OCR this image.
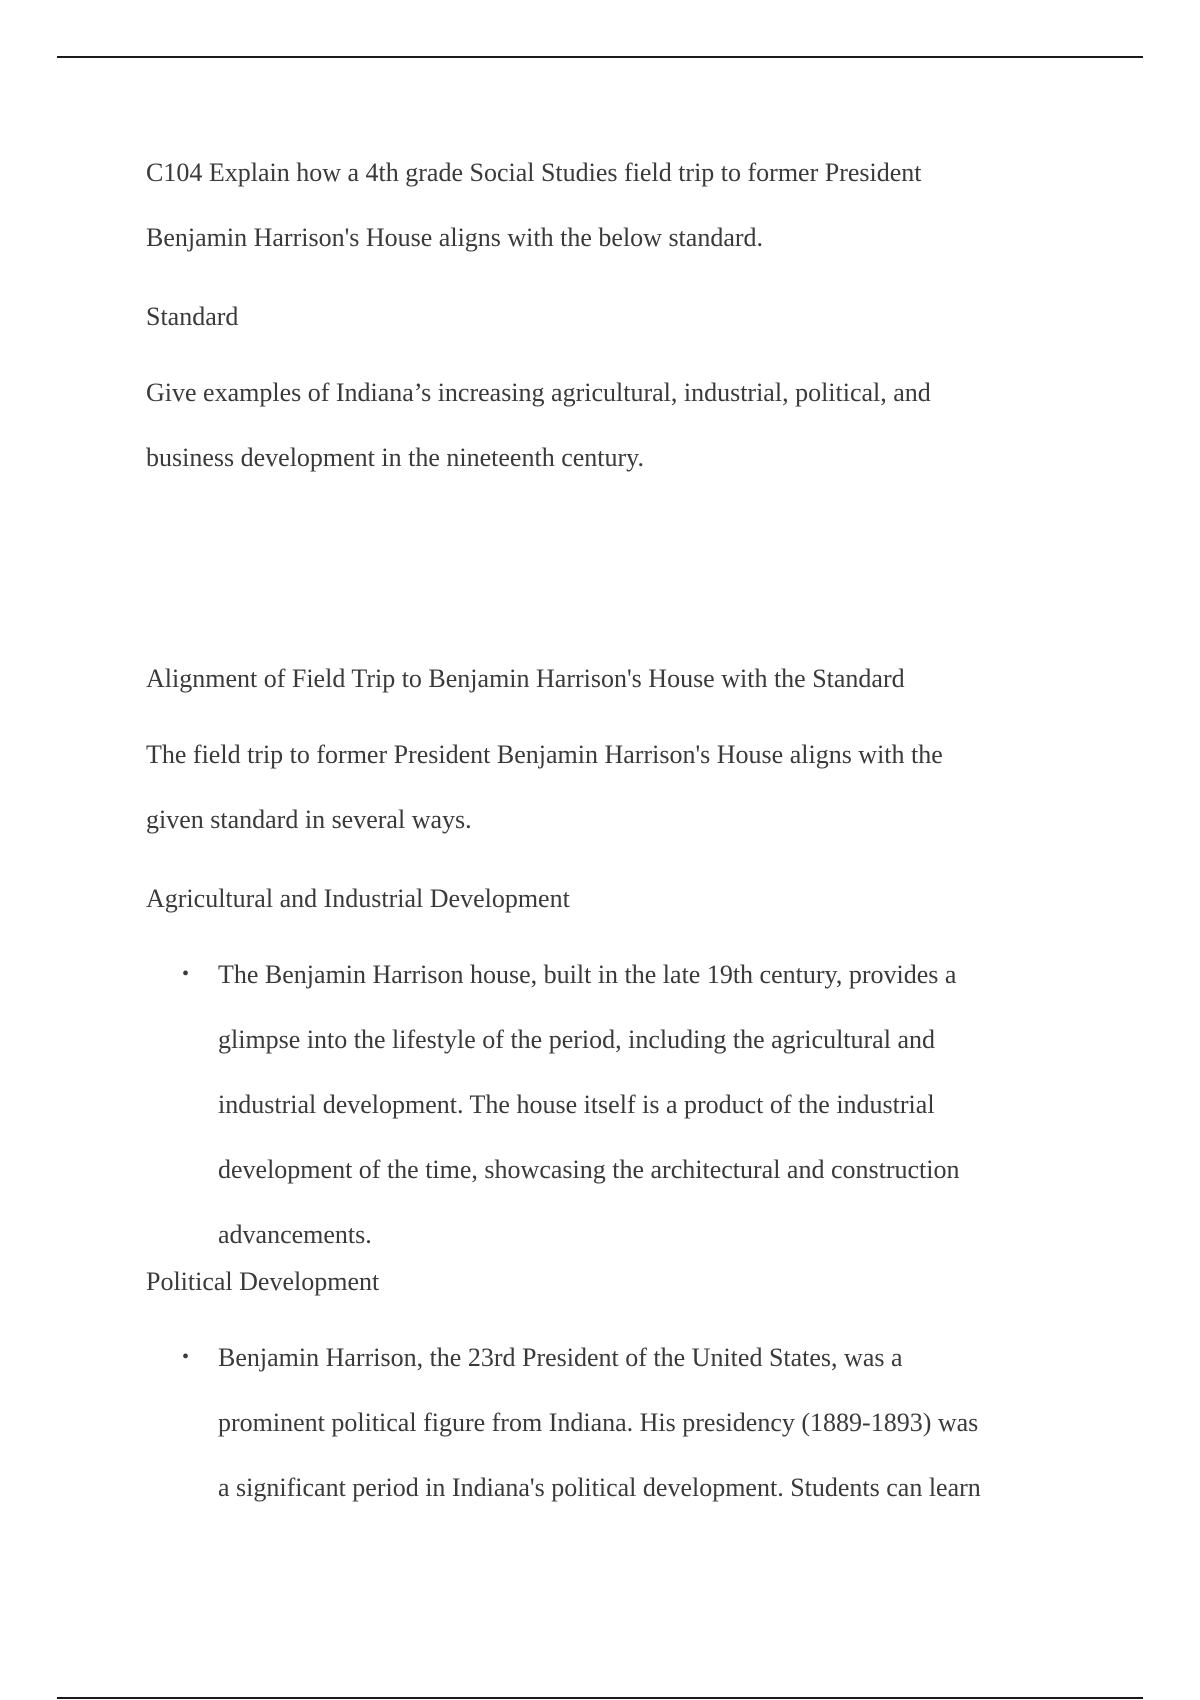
C104 Explain how a 4th grade Social Studies field trip to former President
Benjamin Harrison's House aligns with the below standard.

Standard

Give examples of Indiana’s increasing agricultural, industrial, political, and
business development in the nineteenth century.

Alignment of Field Trip to Benjamin Harrison's House with the Standard

The field trip to former President Benjamin Harrison's House aligns with the
given standard in several ways.

Agricultural and Industrial Development

• The Benjamin Harrison house, built in the late 19th century, provides a
glimpse into the lifestyle of the period, including the agricultural and
industrial development. The house itself is a product of the industrial
development of the time, showcasing the architectural and construction
advancements.

Political Development

• Benjamin Harrison, the 23rd President of the United States, was a
prominent political figure from Indiana. His presidency (1889-1893) was
a significant period in Indiana's political development. Students can learn
